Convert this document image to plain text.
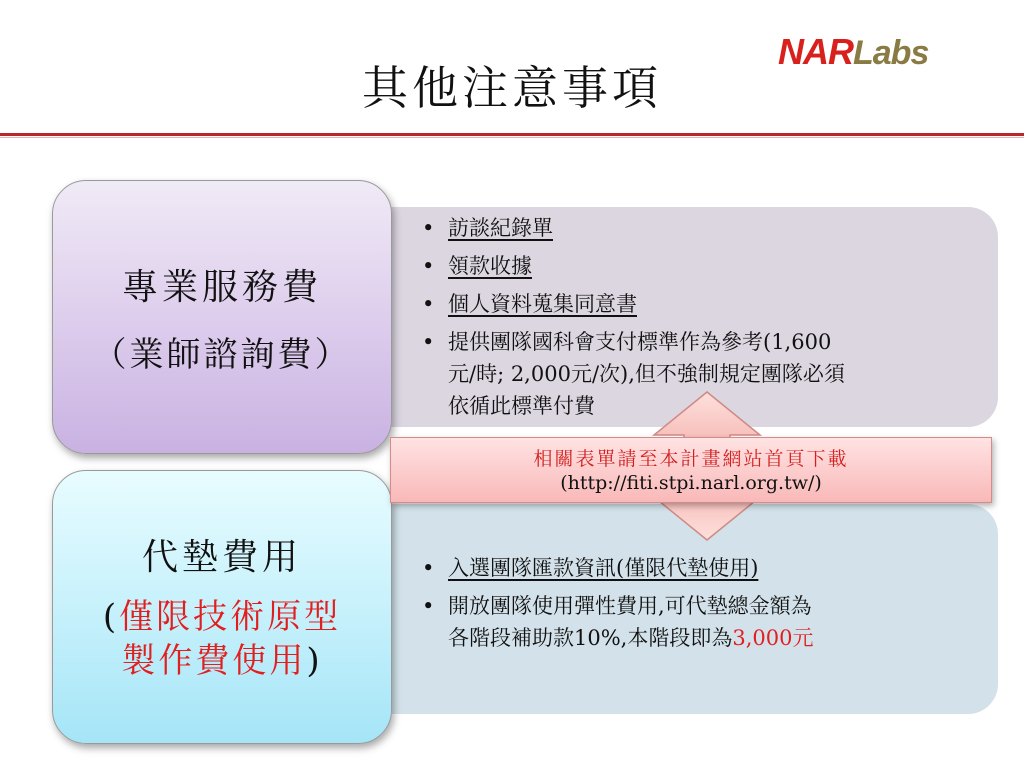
其他注意事項
NARLabs
• 訪談紀錄單
• 領款收據
• 個人資料蒐集同意書
• 提供團隊國科會支付標準作為參考(1,600
元/時; 2,000元/次),但不強制規定團隊必須
依循此標準付費
• 入選團隊匯款資訊(僅限代墊使用)
• 開放團隊使用彈性費用,可代墊總金額為
各階段補助款10%,本階段即為3,000元
專業服務費
（業師諮詢費）
代墊費用
(僅限技術原型
製作費使用)
相關表單請至本計畫網站首頁下載
(http://fiti.stpi.narl.org.tw/)
